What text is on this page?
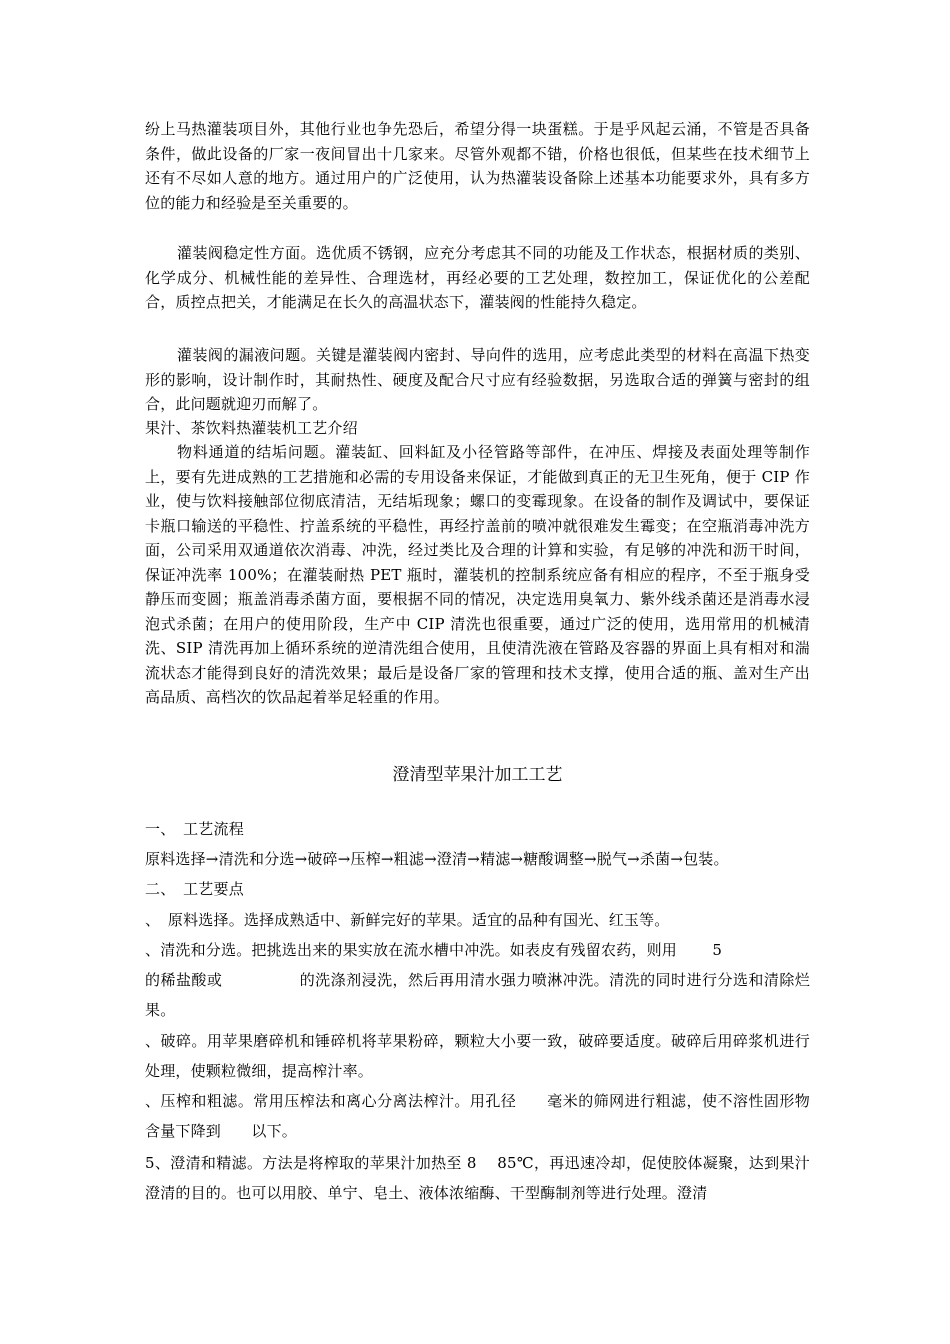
纷上马热灌装项目外，其他行业也争先恐后，希望分得一块蛋糕。于是乎风起云涌，不管是否具备条件，做此设备的厂家一夜间冒出十几家来。尽管外观都不错，价格也很低，但某些在技术细节上还有不尽如人意的地方。通过用户的广泛使用，认为热灌装设备除上述基本功能要求外，具有多方位的能力和经验是至关重要的。

灌装阀稳定性方面。选优质不锈钢，应充分考虑其不同的功能及工作状态，根据材质的类别、化学成分、机械性能的差异性、合理选材，再经必要的工艺处理，数控加工，保证优化的公差配合，质控点把关，才能满足在长久的高温状态下，灌装阀的性能持久稳定。

灌装阀的漏液问题。关键是灌装阀内密封、导向件的选用，应考虑此类型的材料在高温下热变形的影响，设计制作时，其耐热性、硬度及配合尺寸应有经验数据，另选取合适的弹簧与密封的组合，此问题就迎刃而解了。

果汁、茶饮料热灌装机工艺介绍

物料通道的结垢问题。灌装缸、回料缸及小径管路等部件，在冲压、焊接及表面处理等制作上，要有先进成熟的工艺措施和必需的专用设备来保证，才能做到真正的无卫生死角，便于 CIP 作业，使与饮料接触部位彻底清洁，无结垢现象；螺口的变霉现象。在设备的制作及调试中，要保证卡瓶口输送的平稳性、拧盖系统的平稳性，再经拧盖前的喷冲就很难发生霉变；在空瓶消毒冲洗方面，公司采用双通道依次消毒、冲洗，经过类比及合理的计算和实验，有足够的冲洗和沥干时间，保证冲洗率 100%；在灌装耐热 PET 瓶时，灌装机的控制系统应备有相应的程序，不至于瓶身受静压而变圆；瓶盖消毒杀菌方面，要根据不同的情况，决定选用臭氧力、紫外线杀菌还是消毒水浸泡式杀菌；在用户的使用阶段，生产中 CIP 清洗也很重要，通过广泛的使用，选用常用的机械清洗、SIP 清洗再加上循环系统的逆清洗组合使用，且使清洗液在管路及容器的界面上具有相对和湍流状态才能得到良好的清洗效果；最后是设备厂家的管理和技术支撑，使用合适的瓶、盖对生产出高品质、高档次的饮品起着举足轻重的作用。

澄清型苹果汁加工工艺

一、　工艺流程

原料选择→清洗和分选→破碎→压榨→粗滤→澄清→精滤→糖酸调整→脱气→杀菌→包装。

二、　工艺要点

、　原料选择。选择成熟适中、新鲜完好的苹果。适宜的品种有国光、红玉等。

、清洗和分选。把挑选出来的果实放在流水槽中冲洗。如表皮有残留农药，则用　　 5

的稀盐酸或　　　　　的洗涤剂浸洗，然后再用清水强力喷淋冲洗。清洗的同时进行分选和清除烂果。

、破碎。用苹果磨碎机和锤碎机将苹果粉碎，颗粒大小要一致，破碎要适度。破碎后用碎浆机进行处理，使颗粒微细，提高榨汁率。

、压榨和粗滤。常用压榨法和离心分离法榨汁。用孔径　　毫米的筛网进行粗滤，使不溶性固形物含量下降到　　以下。

5、澄清和精滤。方法是将榨取的苹果汁加热至 8　 85℃，再迅速冷却，促使胶体凝聚，达到果汁澄清的目的。也可以用胶、单宁、皂土、液体浓缩酶、干型酶制剂等进行处理。澄清
